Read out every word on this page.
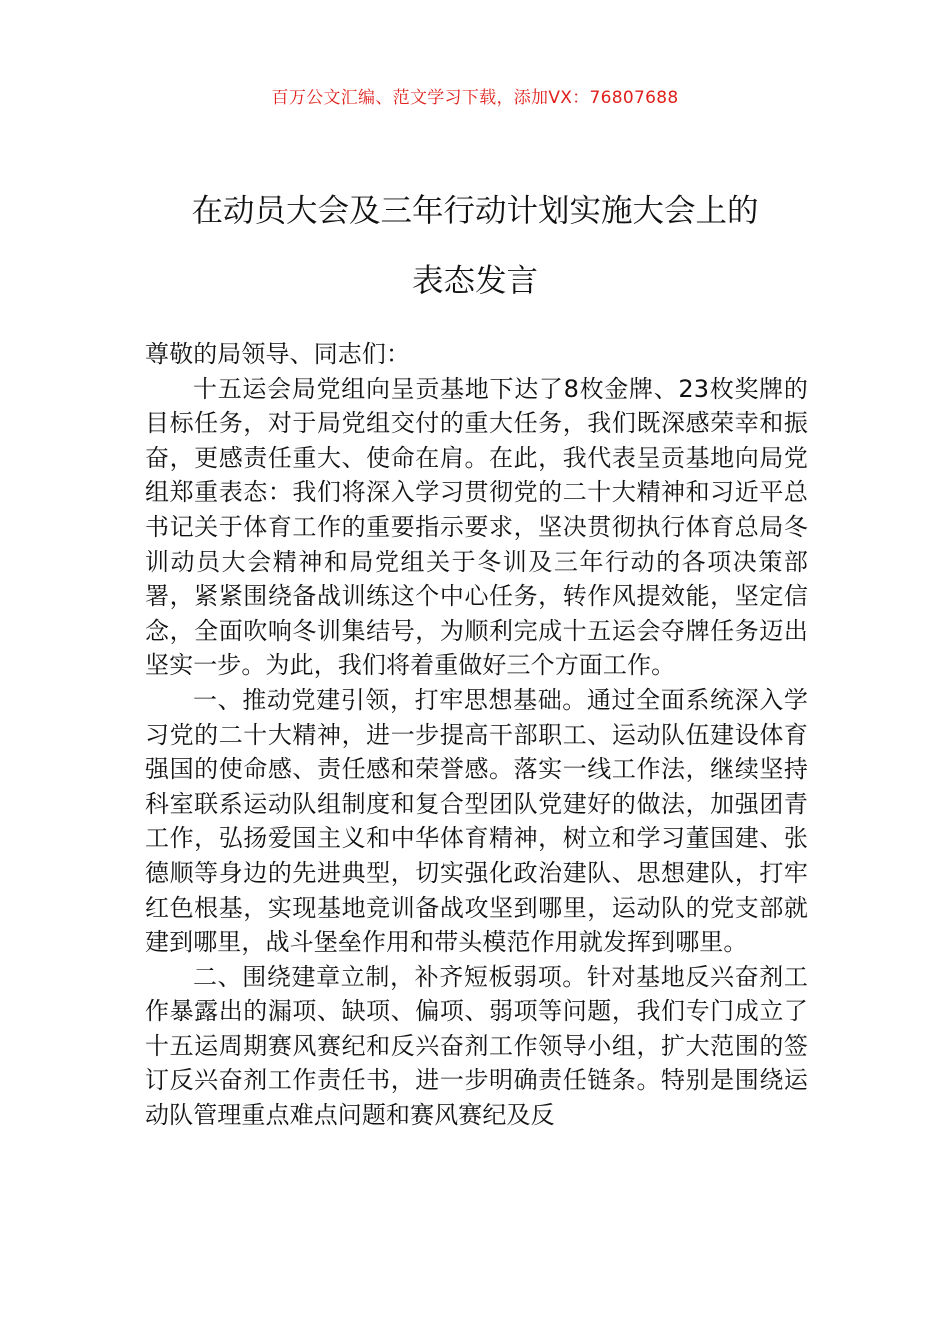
百万公文汇编、范文学习下载，添加VX：76807688
在动员大会及三年行动计划实施大会上的
表态发言

尊敬的局领导、同志们：

十五运会局党组向呈贡基地下达了8枚金牌、23枚奖牌的目标任务，对于局党组交付的重大任务，我们既深感荣幸和振奋，更感责任重大、使命在肩。在此，我代表呈贡基地向局党组郑重表态：我们将深入学习贯彻党的二十大精神和习近平总书记关于体育工作的重要指示要求，坚决贯彻执行体育总局冬训动员大会精神和局党组关于冬训及三年行动的各项决策部署，紧紧围绕备战训练这个中心任务，转作风提效能，坚定信念，全面吹响冬训集结号，为顺利完成十五运会夺牌任务迈出坚实一步。为此，我们将着重做好三个方面工作。

一、推动党建引领，打牢思想基础。通过全面系统深入学习党的二十大精神，进一步提高干部职工、运动队伍建设体育强国的使命感、责任感和荣誉感。落实一线工作法，继续坚持科室联系运动队组制度和复合型团队党建好的做法，加强团青工作，弘扬爱国主义和中华体育精神，树立和学习董国建、张德顺等身边的先进典型，切实强化政治建队、思想建队，打牢红色根基，实现基地竞训备战攻坚到哪里，运动队的党支部就建到哪里，战斗堡垒作用和带头模范作用就发挥到哪里。

二、围绕建章立制，补齐短板弱项。针对基地反兴奋剂工作暴露出的漏项、缺项、偏项、弱项等问题，我们专门成立了十五运周期赛风赛纪和反兴奋剂工作领导小组，扩大范围的签订反兴奋剂工作责任书，进一步明确责任链条。特别是围绕运动队管理重点难点问题和赛风赛纪及反
